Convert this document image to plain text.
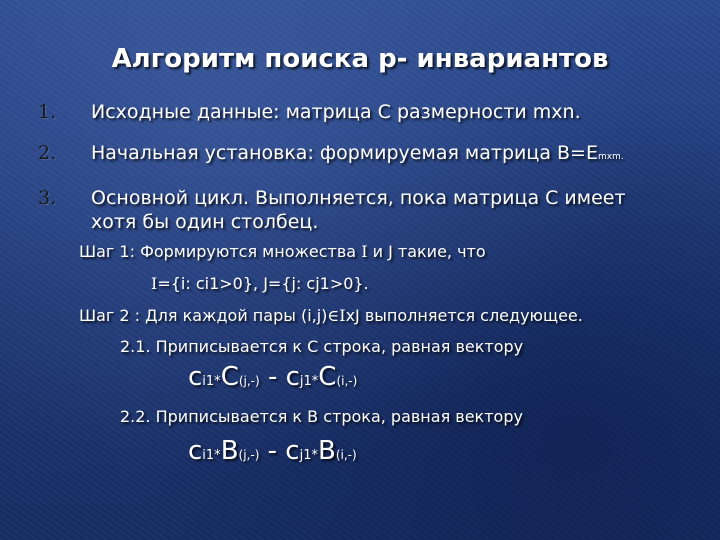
Алгоритм поиска р- инвариантов
1. Исходные данные: матрица С размерности mxn.
2. Начальная установка: формируемая матрица B=Emxm.
3. Основной цикл. Выполняется, пока матрица С имеет
хотя бы один столбец.
Шаг 1: Формируются множества I и J такие, что
I={i: ci1>0}, J={j: cj1>0}.
Шаг 2 : Для каждой пары (i,j)∈IxJ выполняется следующее.
2.1. Приписывается к С строка, равная вектору
ci1*C(j,-) - cj1*C(i,-)
2.2. Приписывается к B строка, равная вектору
ci1*B(j,-) - cj1*B(i,-)
